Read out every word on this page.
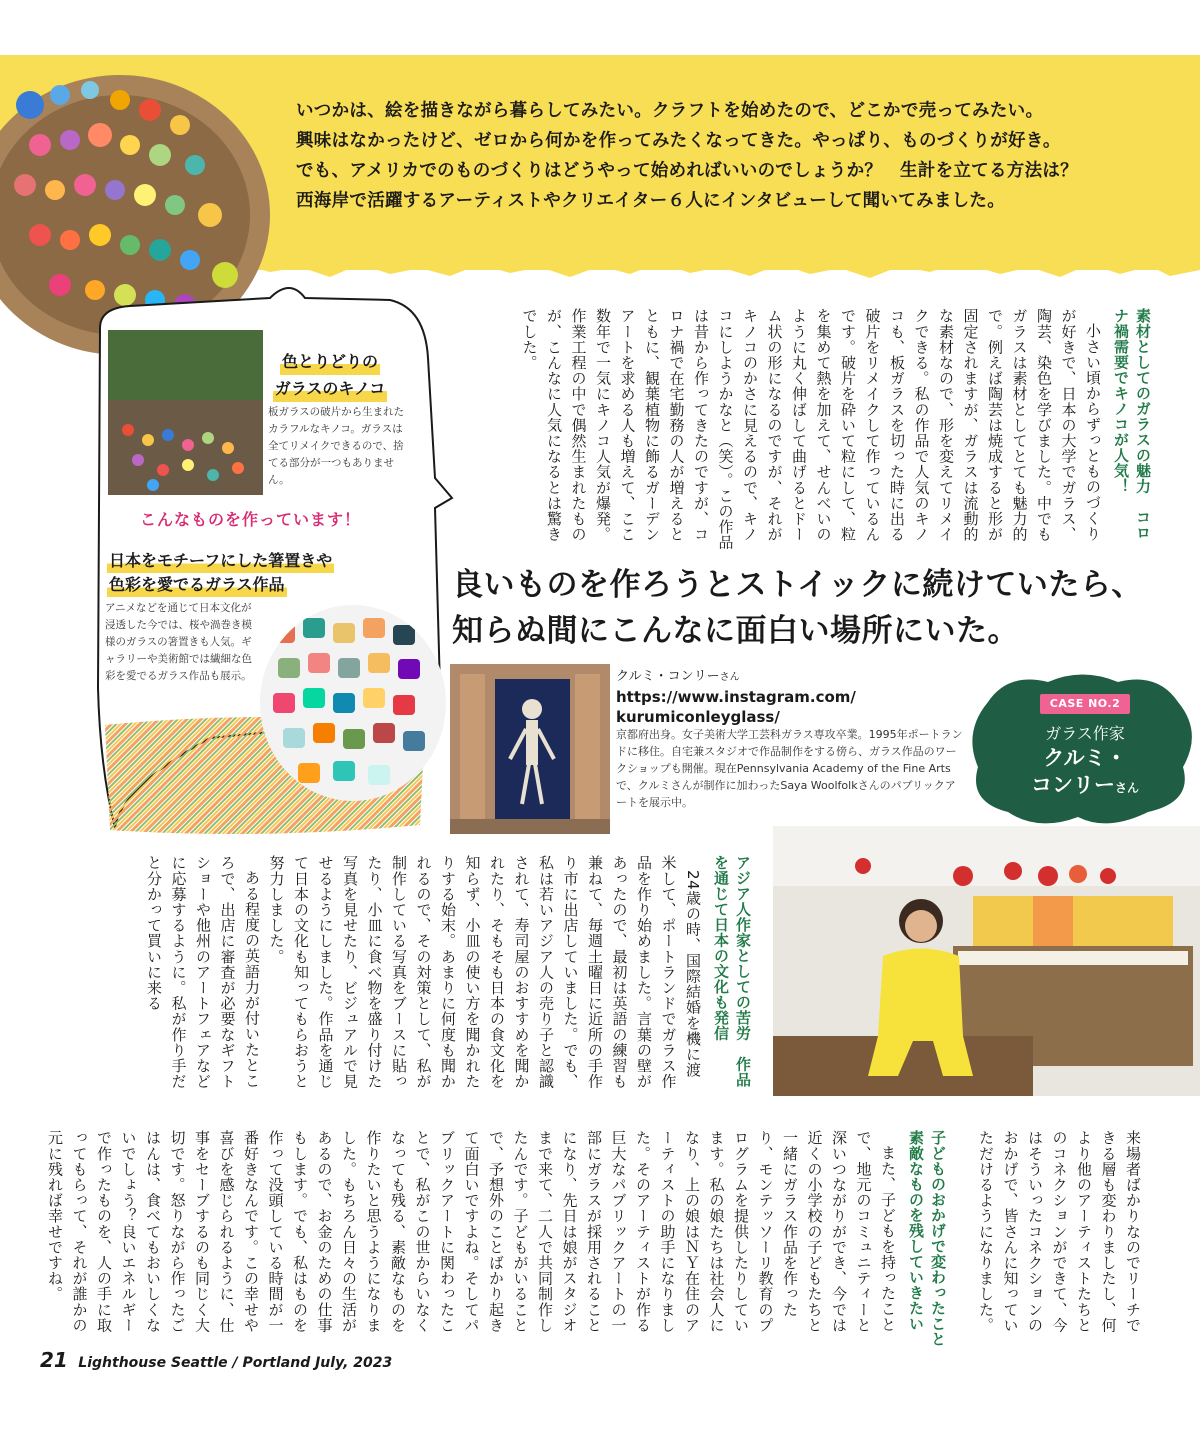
いつかは、絵を描きながら暮らしてみたい。クラフトを始めたので、どこかで売ってみたい。

興味はなかったけど、ゼロから何かを作ってみたくなってきた。やっぱり、ものづくりが好き。

でも、アメリカでのものづくりはどうやって始めればいいのでしょうか？　生計を立てる方法は？

西海岸で活躍するアーティストやクリエイター６人にインタビューして聞いてみました。

色とりどりの
ガラスのキノコ
板ガラスの破片から生まれたカラフルなキノコ。ガラスは全てリメイクできるので、捨てる部分が一つもありません。
こんなものを作っています！
日本をモチーフにした箸置きや
色彩を愛でるガラス作品
アニメなどを通じて日本文化が浸透した今では、桜や渦巻き模様のガラスの箸置きも人気。ギャラリーや美術館では繊細な色彩を愛でるガラス作品も展示。
素材としてのガラスの魅力　コロナ禍需要でキノコが人気！

小さい頃からずっとものづくりが好きで、日本の大学でガラス、陶芸、染色を学びました。中でもガラスは素材としてとても魅力的で。例えば陶芸は焼成すると形が固定されますが、ガラスは流動的な素材なので、形を変えてリメイクできる。私の作品で人気のキノコも、板ガラスを切った時に出る破片をリメイクして作っているんです。破片を砕いて粒にして、粒を集めて熱を加えて、せんべいのように丸く伸ばして曲げるとドーム状の形になるのですが、それがキノコのかさに見えるので、キノコにしようかなと（笑）。この作品は昔から作ってきたのですが、コロナ禍で在宅勤務の人が増えるとともに、観葉植物に飾るガーデンアートを求める人も増えて、ここ数年で一気にキノコ人気が爆発。作業工程の中で偶然生まれたものが、こんなに人気になるとは驚きでした。

良いものを作ろうとストイックに続けていたら、
知らぬ間にこんなに面白い場所にいた。
クルミ・コンリーさん
https://www.instagram.com/
kurumiconleyglass/
京都府出身。女子美術大学工芸科ガラス専攻卒業。1995年ポートランドに移住。自宅兼スタジオで作品制作をする傍ら、ガラス作品のワークショップも開催。現在Pennsylvania Academy of the Fine Artsで、クルミさんが制作に加わったSaya Woolfolkさんのパブリックアートを展示中。
CASE NO.2
ガラス作家
クルミ・
コンリーさん
アジア人作家としての苦労　作品を通じて日本の文化も発信

24歳の時、国際結婚を機に渡米して、ポートランドでガラス作品を作り始めました。言葉の壁があったので、最初は英語の練習も兼ねて、毎週土曜日に近所の手作り市に出店していました。でも、私は若いアジア人の売り子と認識されて、寿司屋のおすすめを聞かれたり、そもそも日本の食文化を知らず、小皿の使い方を聞かれたりする始末。あまりに何度も聞かれるので、その対策として、私が制作している写真をブースに貼ったり、小皿に食べ物を盛り付けた写真を見せたり、ビジュアルで見せるようにしました。作品を通じて日本の文化も知ってもらおうと努力しました。

ある程度の英語力が付いたところで、出店に審査が必要なギフトショーや他州のアートフェアなどに応募するように。私が作り手だと分かって買いに来る

来場者ばかりなのでリーチできる層も変わりましたし、何より他のアーティストたちとのコネクションができて、今はそういったコネクションのおかげで、皆さんに知っていただけるようになりました。

子どものおかげで変わったこと　素敵なものを残していきたい

また、子どもを持ったことで、地元のコミュニティーと深いつながりができ、今では近くの小学校の子どもたちと一緒にガラス作品を作ったり、モンテッソーリ教育のプログラムを提供したりしています。私の娘たちは社会人になり、上の娘はＮＹ在住のアーティストの助手になりました。そのアーティストが作る巨大なパブリックアートの一部にガラスが採用されることになり、先日は娘がスタジオまで来て、二人で共同制作したんです。子どもがいることで、予想外のことばかり起きて面白いですよね。そしてパブリックアートに関わったことで、私がこの世からいなくなっても残る、素敵なものを作りたいと思うようになりました。もちろん日々の生活があるので、お金のための仕事もします。でも、私はものを作って没頭している時間が一番好きなんです。この幸せや喜びを感じられるように、仕事をセーブするのも同じく大切です。怒りながら作ったごはんは、食べてもおいしくないでしょう？良いエネルギーで作ったものを、人の手に取ってもらって、それが誰かの元に残れば幸せですね。

21 Lighthouse Seattle / Portland July, 2023
